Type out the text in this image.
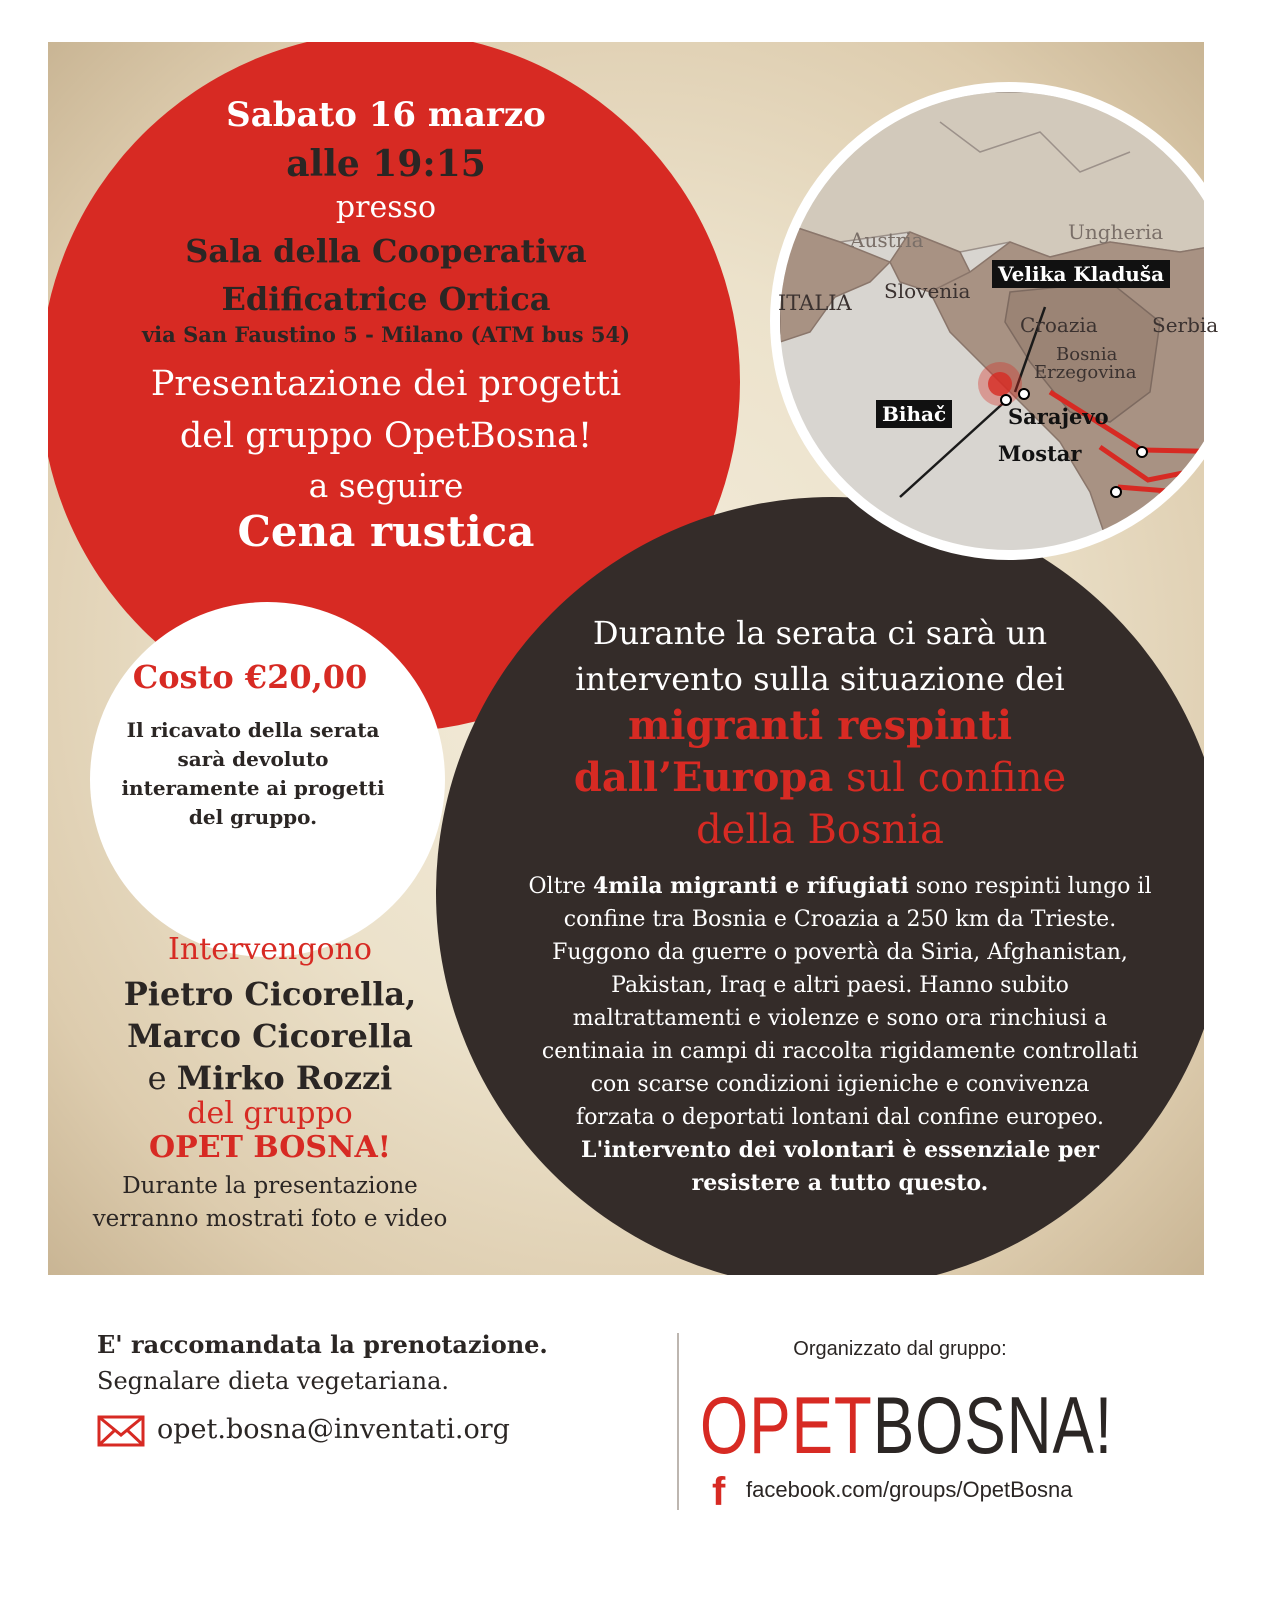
Austria	Ungheria
ITALIA Slovenia
Croazia	Serbia
Bosnia
Erzegovina
Velika Kladuša
Bihač	Sarajevo
Mostar
Sabato 16 marzo
alle 19:15
presso
Sala della Cooperativa
Edificatrice Ortica
via San Faustino 5 - Milano (ATM bus 54)
Presentazione dei progetti
del gruppo OpetBosna!
a seguire
Cena rustica
Costo €20,00
Il ricavato della serata
sarà devoluto
interamente ai progetti
del gruppo.
Durante la serata ci sarà un
intervento sulla situazione dei
migranti respinti
dall’Europa sul confine
della Bosnia
Oltre 4mila migranti e rifugiati sono respinti lungo il
confine tra Bosnia e Croazia a 250 km da Trieste.
Fuggono da guerre o povertà da Siria, Afghanistan,
Pakistan, Iraq e altri paesi. Hanno subito
maltrattamenti e violenze e sono ora rinchiusi a
centinaia in campi di raccolta rigidamente controllati
con scarse condizioni igieniche e convivenza
forzata o deportati lontani dal confine europeo.
L'intervento dei volontari è essenziale per
resistere a tutto questo.
Intervengono
Pietro Cicorella,
Marco Cicorella
e Mirko Rozzi
del gruppo
OPET BOSNA!
Durante la presentazione
verranno mostrati foto e video
E' raccomandata la prenotazione.
Segnalare dieta vegetariana.
opet.bosna@inventati.org
Organizzato dal gruppo:
OPETBOSNA!
f facebook.com/groups/OpetBosna
